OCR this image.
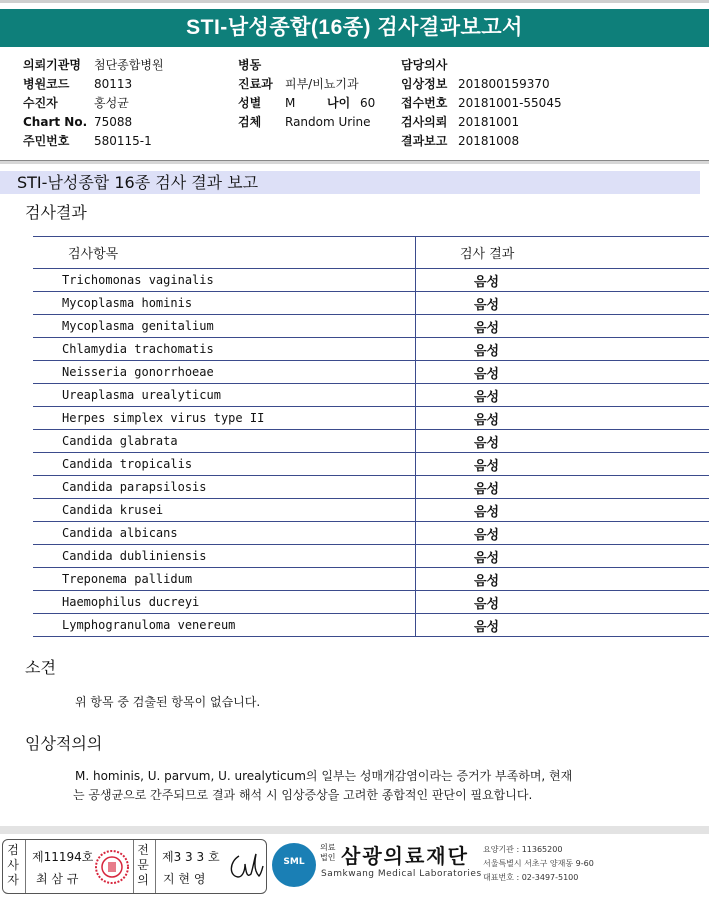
STI-남성종합(16종) 검사결과보고서
의뢰기관명 첨단종합병원
병원코드 80113
수진자	홍성균
Chart No. 75088
주민번호 580115-1
병동
진료과 피부/비뇨기과
성별 M	나이 60
검체 Random Urine
담당의사
임상정보 201800159370
접수번호 20181001-55045
검사의뢰 20181001
결과보고 20181008
STI-남성종합 16종 검사 결과 보고
검사결과
검사항목	검사 결과
Trichomonas vaginalis	음성
Mycoplasma hominis	음성
Mycoplasma genitalium	음성
Chlamydia trachomatis	음성
Neisseria gonorrhoeae	음성
Ureaplasma urealyticum	음성
Herpes simplex virus type II	음성
Candida glabrata	음성
Candida tropicalis	음성
Candida parapsilosis	음성
Candida krusei	음성
Candida albicans	음성
Candida dubliniensis	음성
Treponema pallidum	음성
Haemophilus ducreyi	음성
Lymphogranuloma venereum	음성
소견
위 항목 중 검출된 항목이 없습니다.
임상적의의
M. hominis, U. parvum, U. urealyticum의 일부는 성매개감염이라는 증거가 부족하며, 현재
는 공생균으로 간주되므로 결과 해석 시 임상증상을 고려한 종합적인 판단이 필요합니다.
검
사
자
제11194호
최 삼 규
전
문
의
제3 3 3 호
지 현 영
SML
의료
법인 삼광의료재단
Samkwang Medical Laboratories
요양기관 : 11365200
서울특별시 서초구 양재동 9-60
대표번호 : 02-3497-5100
